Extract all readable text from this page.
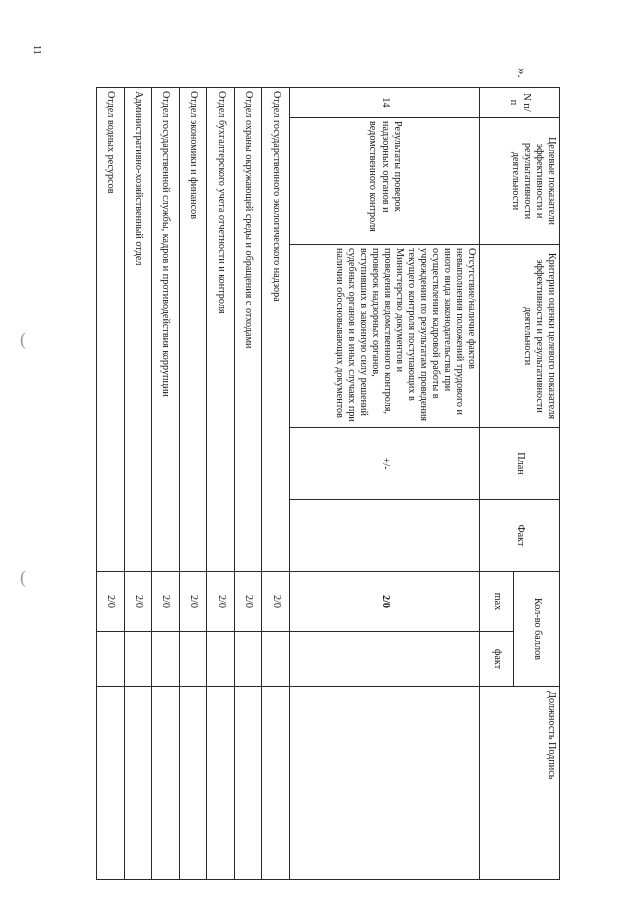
11
(
(
N п/п	Целевые показатели эффективности и результативности деятельности	Критерии оценки целевого показателя эффективности и результативности деятельности	План	Факт	Кол-во баллов		Должность Подпись
					max	факт	
14	Результаты проверок надзорных органов и ведомственного контроля	Отсутствие/наличие фактов невыполнения положений трудового и иного вида законодательства при осуществлении кадровой работы в учреждении по результатам проведения текущего контроля поступающих в Министерство документов и проведения ведомственного контроля, проверок надзорных органов, вступивших в законную силу решений судебных органов и в иных случаях при наличии обосновывающих документов	+/-		2/0		
Отдел государственного экологического надзора					2/0		
Отдел охраны окружающей среды и обращения с отходами					2/0		
Отдел бухгалтерского учета отчетности и контроля					2/0		
Отдел экономики и финансов					2/0		
Отдел государственной службы, кадров и противодействия коррупции					2/0		
Административно-хозяйственный отдел					2/0		
Отдел водных ресурсов					2/0		
».
